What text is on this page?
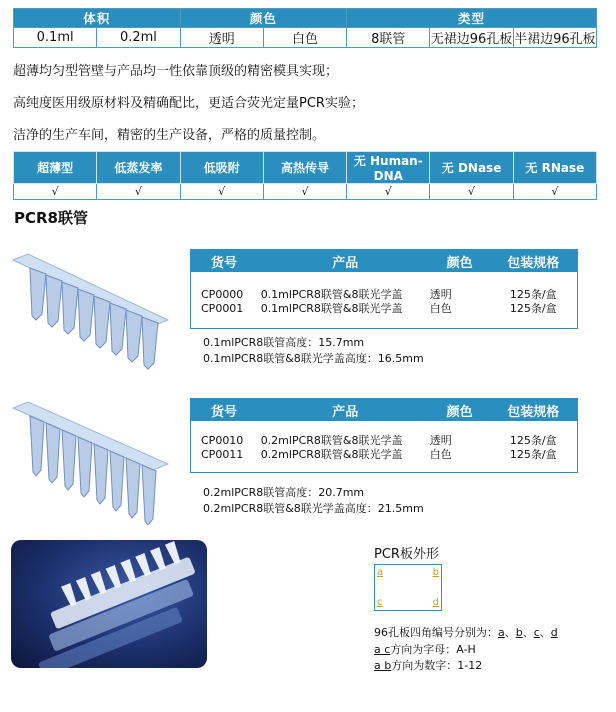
体积		颜色		类型		
0.1ml	0.2ml	透明	白色	8联管	无裙边96孔板	半裙边96孔板
超薄均匀型管壁与产品均一性依靠顶级的精密模具实现；
高纯度医用级原材料及精确配比，更适合荧光定量PCR实验；
洁净的生产车间，精密的生产设备，严格的质量控制。
超薄型	低蒸发率	低吸附	高热传导	无 Human-DNA	无 DNase	无 RNase
√	√	√	√	√	√	√
PCR8联管
货号	产品	颜色	包装规格
CP0000	0.1mlPCR8联管&8联光学盖	透明	125条/盒
CP0001	0.1mlPCR8联管&8联光学盖	白色	125条/盒
0.1mlPCR8联管高度：15.7mm
0.1mlPCR8联管&8联光学盖高度：16.5mm
货号	产品	颜色	包装规格
CP0010	0.2mlPCR8联管&8联光学盖	透明	125条/盒
CP0011	0.2mlPCR8联管&8联光学盖	白色	125条/盒
0.2mlPCR8联管高度：20.7mm
0.2mlPCR8联管&8联光学盖高度：21.5mm
PCR板外形
a	b
c	d
96孔板四角编号分别为：a、b、c、d
a c方向为字母：A-H
a b方向为数字：1-12
